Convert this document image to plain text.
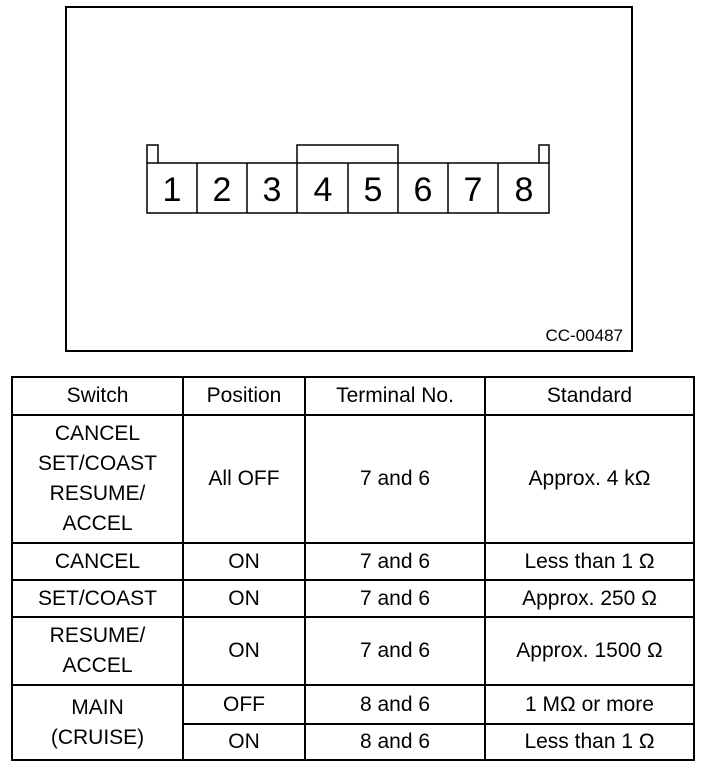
1 2 3 4 5 6 7 8
CC-00487
Switch	Position	Terminal No.	Standard
CANCEL
SET/COAST
RESUME/
ACCEL	All OFF	7 and 6	Approx. 4 kΩ
CANCEL	ON	7 and 6	Less than 1 Ω
SET/COAST	ON	7 and 6	Approx. 250 Ω
RESUME/
ACCEL	ON	7 and 6	Approx. 1500 Ω
MAIN
(CRUISE)	OFF	8 and 6	1 MΩ or more
	ON	8 and 6	Less than 1 Ω
